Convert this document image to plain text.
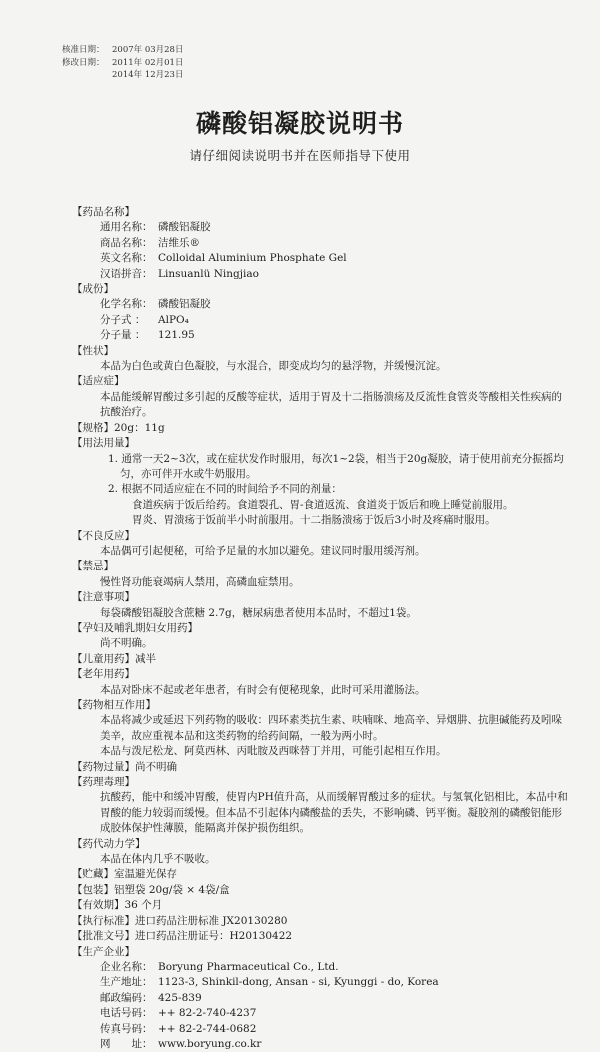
核准日期： 2007年 03月28日
修改日期： 2011年 02月01日
2014年 12月23日
磷酸铝凝胶说明书
请仔细阅读说明书并在医师指导下使用
【药品名称】
通用名称： 磷酸铝凝胶
商品名称： 洁维乐®
英文名称： Colloidal Aluminium Phosphate Gel
汉语拼音： Linsuanlü Ningjiao
【成份】
化学名称： 磷酸铝凝胶
分子式 ：	AlPO₄
分子量 ：	121.95
【性状】
本品为白色或黄白色凝胶，与水混合，即变成均匀的悬浮物，并缓慢沉淀。
【适应症】
本品能缓解胃酸过多引起的反酸等症状，适用于胃及十二指肠溃疡及反流性食管炎等酸相关性疾病的抗酸治疗。
【规格】20g：11g
【用法用量】
1. 通常一天2~3次，或在症状发作时服用，每次1~2袋，相当于20g凝胶，请于使用前充分振摇均匀，亦可伴开水或牛奶服用。
2. 根据不同适应症在不同的时间给予不同的剂量：
食道疾病于饭后给药。食道裂孔、胃-食道返流、食道炎于饭后和晚上睡觉前服用。
胃炎、胃溃疡于饭前半小时前服用。十二指肠溃疡于饭后3小时及疼痛时服用。
【不良反应】
本品偶可引起便秘，可给予足量的水加以避免。建议同时服用缓泻剂。
【禁忌】
慢性肾功能衰竭病人禁用，高磷血症禁用。
【注意事项】
每袋磷酸铝凝胶含蔗糖 2.7g，糖尿病患者使用本品时，不超过1袋。
【孕妇及哺乳期妇女用药】
尚不明确。
【儿童用药】减半
【老年用药】
本品对卧床不起或老年患者，有时会有便秘现象，此时可采用灌肠法。
【药物相互作用】
本品将减少或延迟下列药物的吸收：四环素类抗生素、呋喃咪、地高辛、异烟肼、抗胆碱能药及吲哚美辛，故应重视本品和这类药物的给药间隔，一般为两小时。
本品与泼尼松龙、阿莫西林、丙吡胺及西咪替丁并用，可能引起相互作用。
【药物过量】尚不明确
【药理毒理】
抗酸药，能中和缓冲胃酸，使胃内PH值升高，从而缓解胃酸过多的症状。与氢氧化铝相比，本品中和胃酸的能力较弱而缓慢。但本品不引起体内磷酸盐的丢失，不影响磷、钙平衡。凝胶剂的磷酸铝能形成胶体保护性薄膜，能隔离并保护损伤组织。
【药代动力学】
本品在体内几乎不吸收。
【贮藏】室温避光保存
【包装】铝塑袋 20g/袋 × 4袋/盒
【有效期】36 个月
【执行标准】进口药品注册标准 JX20130280
【批准文号】进口药品注册证号：H20130422
【生产企业】
企业名称： Boryung Pharmaceutical Co., Ltd.
生产地址： 1123-3, Shinkil-dong, Ansan - si, Kyunggi - do, Korea
邮政编码： 425-839
电话号码： ++ 82-2-740-4237
传真号码： ++ 82-2-744-0682
网　　址： www.boryung.co.kr
